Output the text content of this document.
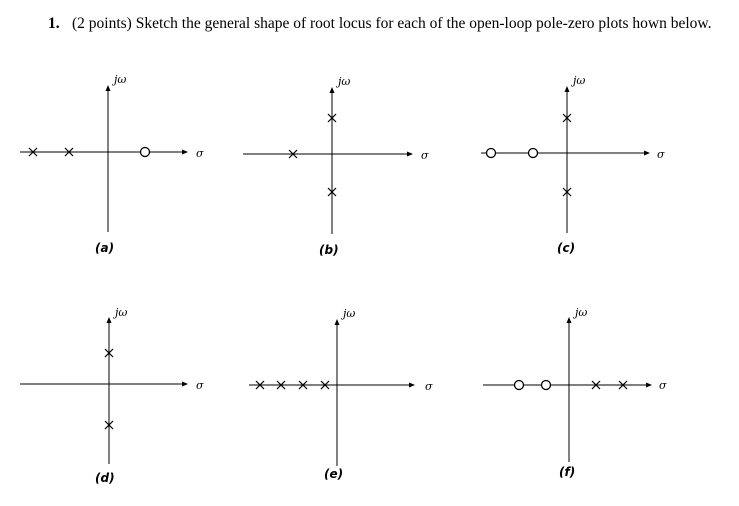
1. (2 points) Sketch the general shape of root locus for each of the open-loop pole-zero plots hown below.
jω
σ
(a)
jω
σ
(b)
jω
σ
(c)
jω
σ
(d)
jω
σ
(e)
jω
σ
(f)
